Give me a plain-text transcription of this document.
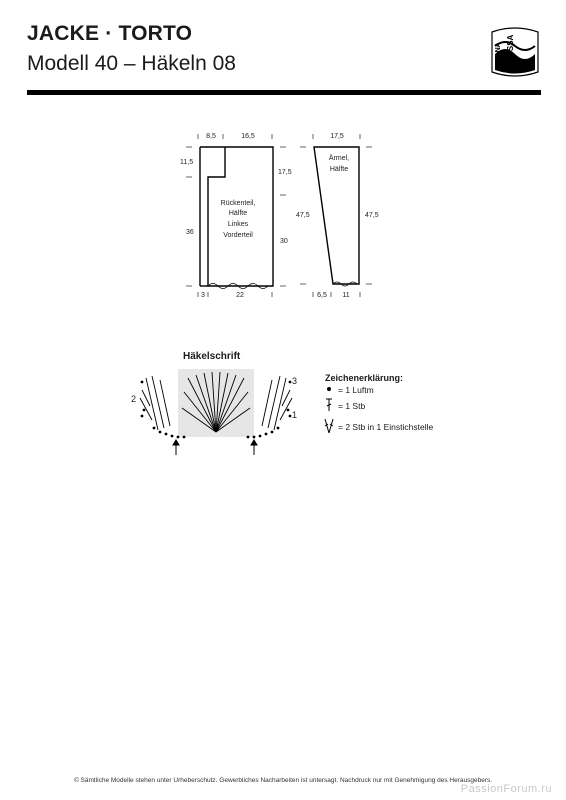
JACKE · TORTO
Modell 40 – Häkeln 08	LANA GROSSA
8,5	16,5
11,5
36
17,5
30
3	22
Rückenteil,
Hälfte
Linkes
Vorderteil
17,5
47,5	47,5
6,5 11
Ärmel,
Hälfte
3
2
1
Häkelschrift
Zeichenerklärung:
= 1 Luftm
= 1 Stb
= 2 Stb in 1 Einstichstelle
© Sämtliche Modelle stehen unter Urheberschutz. Gewerbliches Nacharbeiten ist untersagt. Nachdruck nur mit Genehmigung des Herausgebers.
PassionForum.ru
